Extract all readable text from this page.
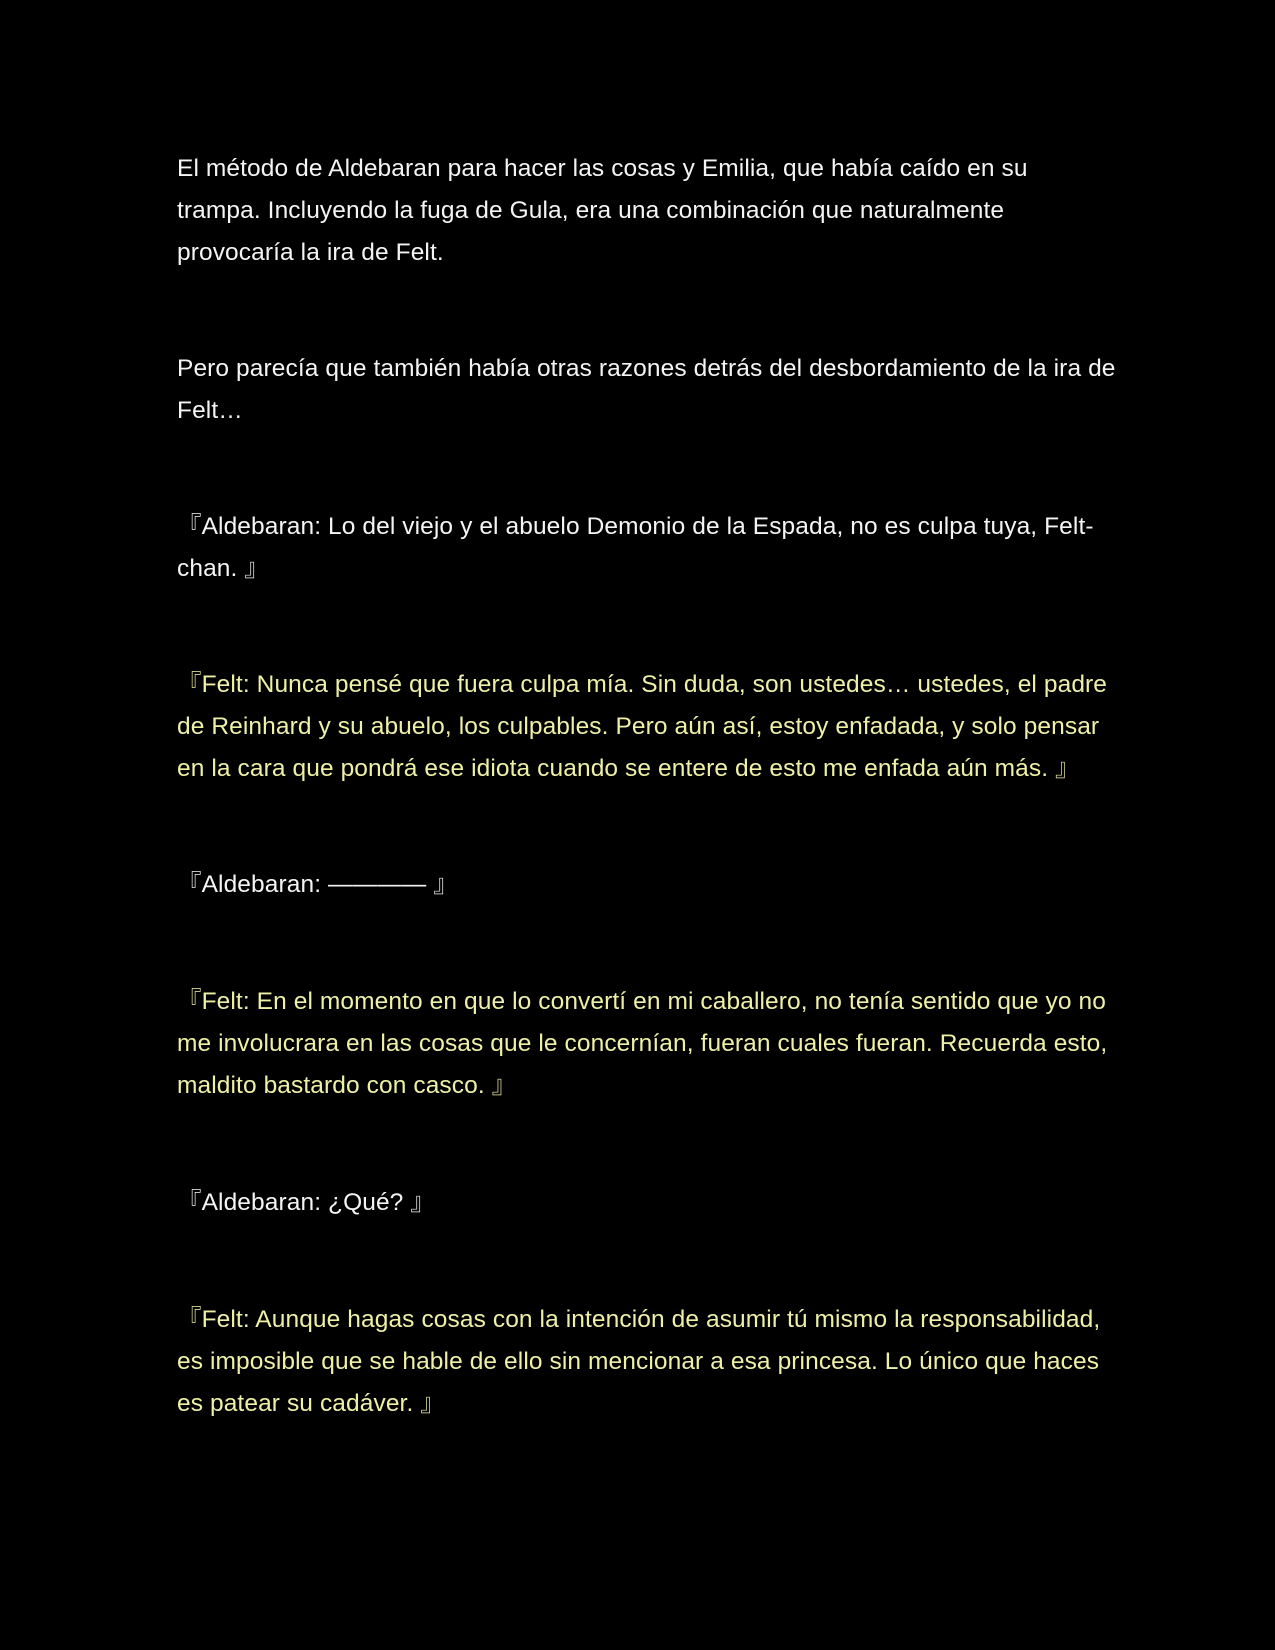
El método de Aldebaran para hacer las cosas y Emilia, que había caído en su trampa. Incluyendo la fuga de Gula, era una combinación que naturalmente provocaría la ira de Felt.

Pero parecía que también había otras razones detrás del desbordamiento de la ira de Felt…

『Aldebaran: Lo del viejo y el abuelo Demonio de la Espada, no es culpa tuya, Felt-chan. 』

『Felt: Nunca pensé que fuera culpa mía. Sin duda, son ustedes… ustedes, el padre de Reinhard y su abuelo, los culpables. Pero aún así, estoy enfadada, y solo pensar en la cara que pondrá ese idiota cuando se entere de esto me enfada aún más. 』

『Aldebaran: ———— 』

『Felt: En el momento en que lo convertí en mi caballero, no tenía sentido que yo no me involucrara en las cosas que le concernían, fueran cuales fueran. Recuerda esto, maldito bastardo con casco. 』

『Aldebaran: ¿Qué? 』

『Felt: Aunque hagas cosas con la intención de asumir tú mismo la responsabilidad, es imposible que se hable de ello sin mencionar a esa princesa. Lo único que haces es patear su cadáver. 』
